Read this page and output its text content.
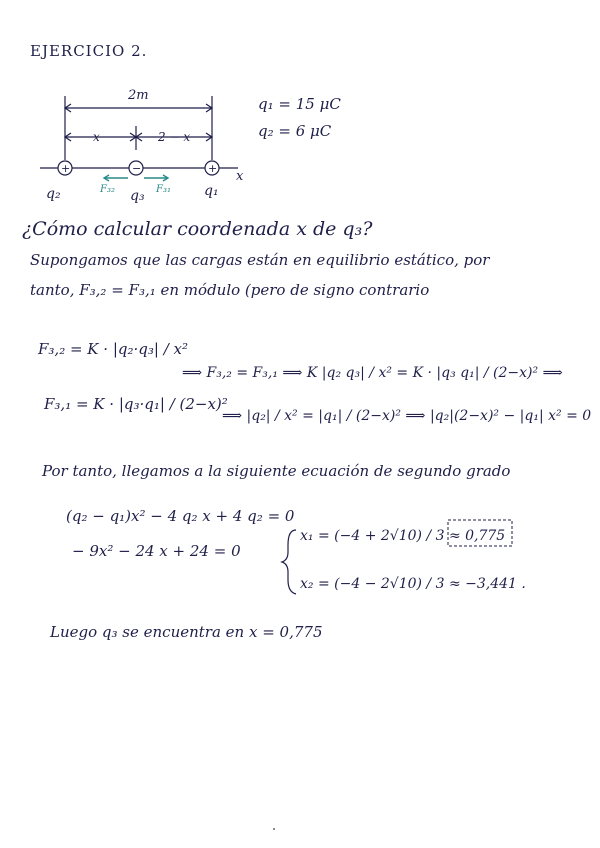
EJERCICIO 2.
2m
x	2 − x
x
+	−	+
q₂	q₃	q₁
F₃₂	F₃₁
q₁ = 15 μC
q₂ = 6 μC
¿Cómo calcular coordenada x de q₃?
Supongamos que las cargas están en equilibrio estático, por
tanto, F₃,₂ = F₃,₁ en módulo (pero de signo contrario
F₃,₂ = K · |q₂·q₃| / x²
⟹ F₃,₂ = F₃,₁ ⟹ K |q₂ q₃| / x² = K · |q₃ q₁| / (2−x)² ⟹
F₃,₁ = K · |q₃·q₁| / (2−x)²
⟹ |q₂| / x² = |q₁| / (2−x)² ⟹ |q₂|(2−x)² − |q₁| x² = 0
Por tanto, llegamos a la siguiente ecuación de segundo grado
(q₂ − q₁)x² − 4 q₂ x + 4 q₂ = 0
− 9x² − 24 x + 24 = 0
x₁ = (−4 + 2√10) / 3 ≈ 0,775
x₂ = (−4 − 2√10) / 3 ≈ −3,441 .
Luego q₃ se encuentra en x = 0,775
